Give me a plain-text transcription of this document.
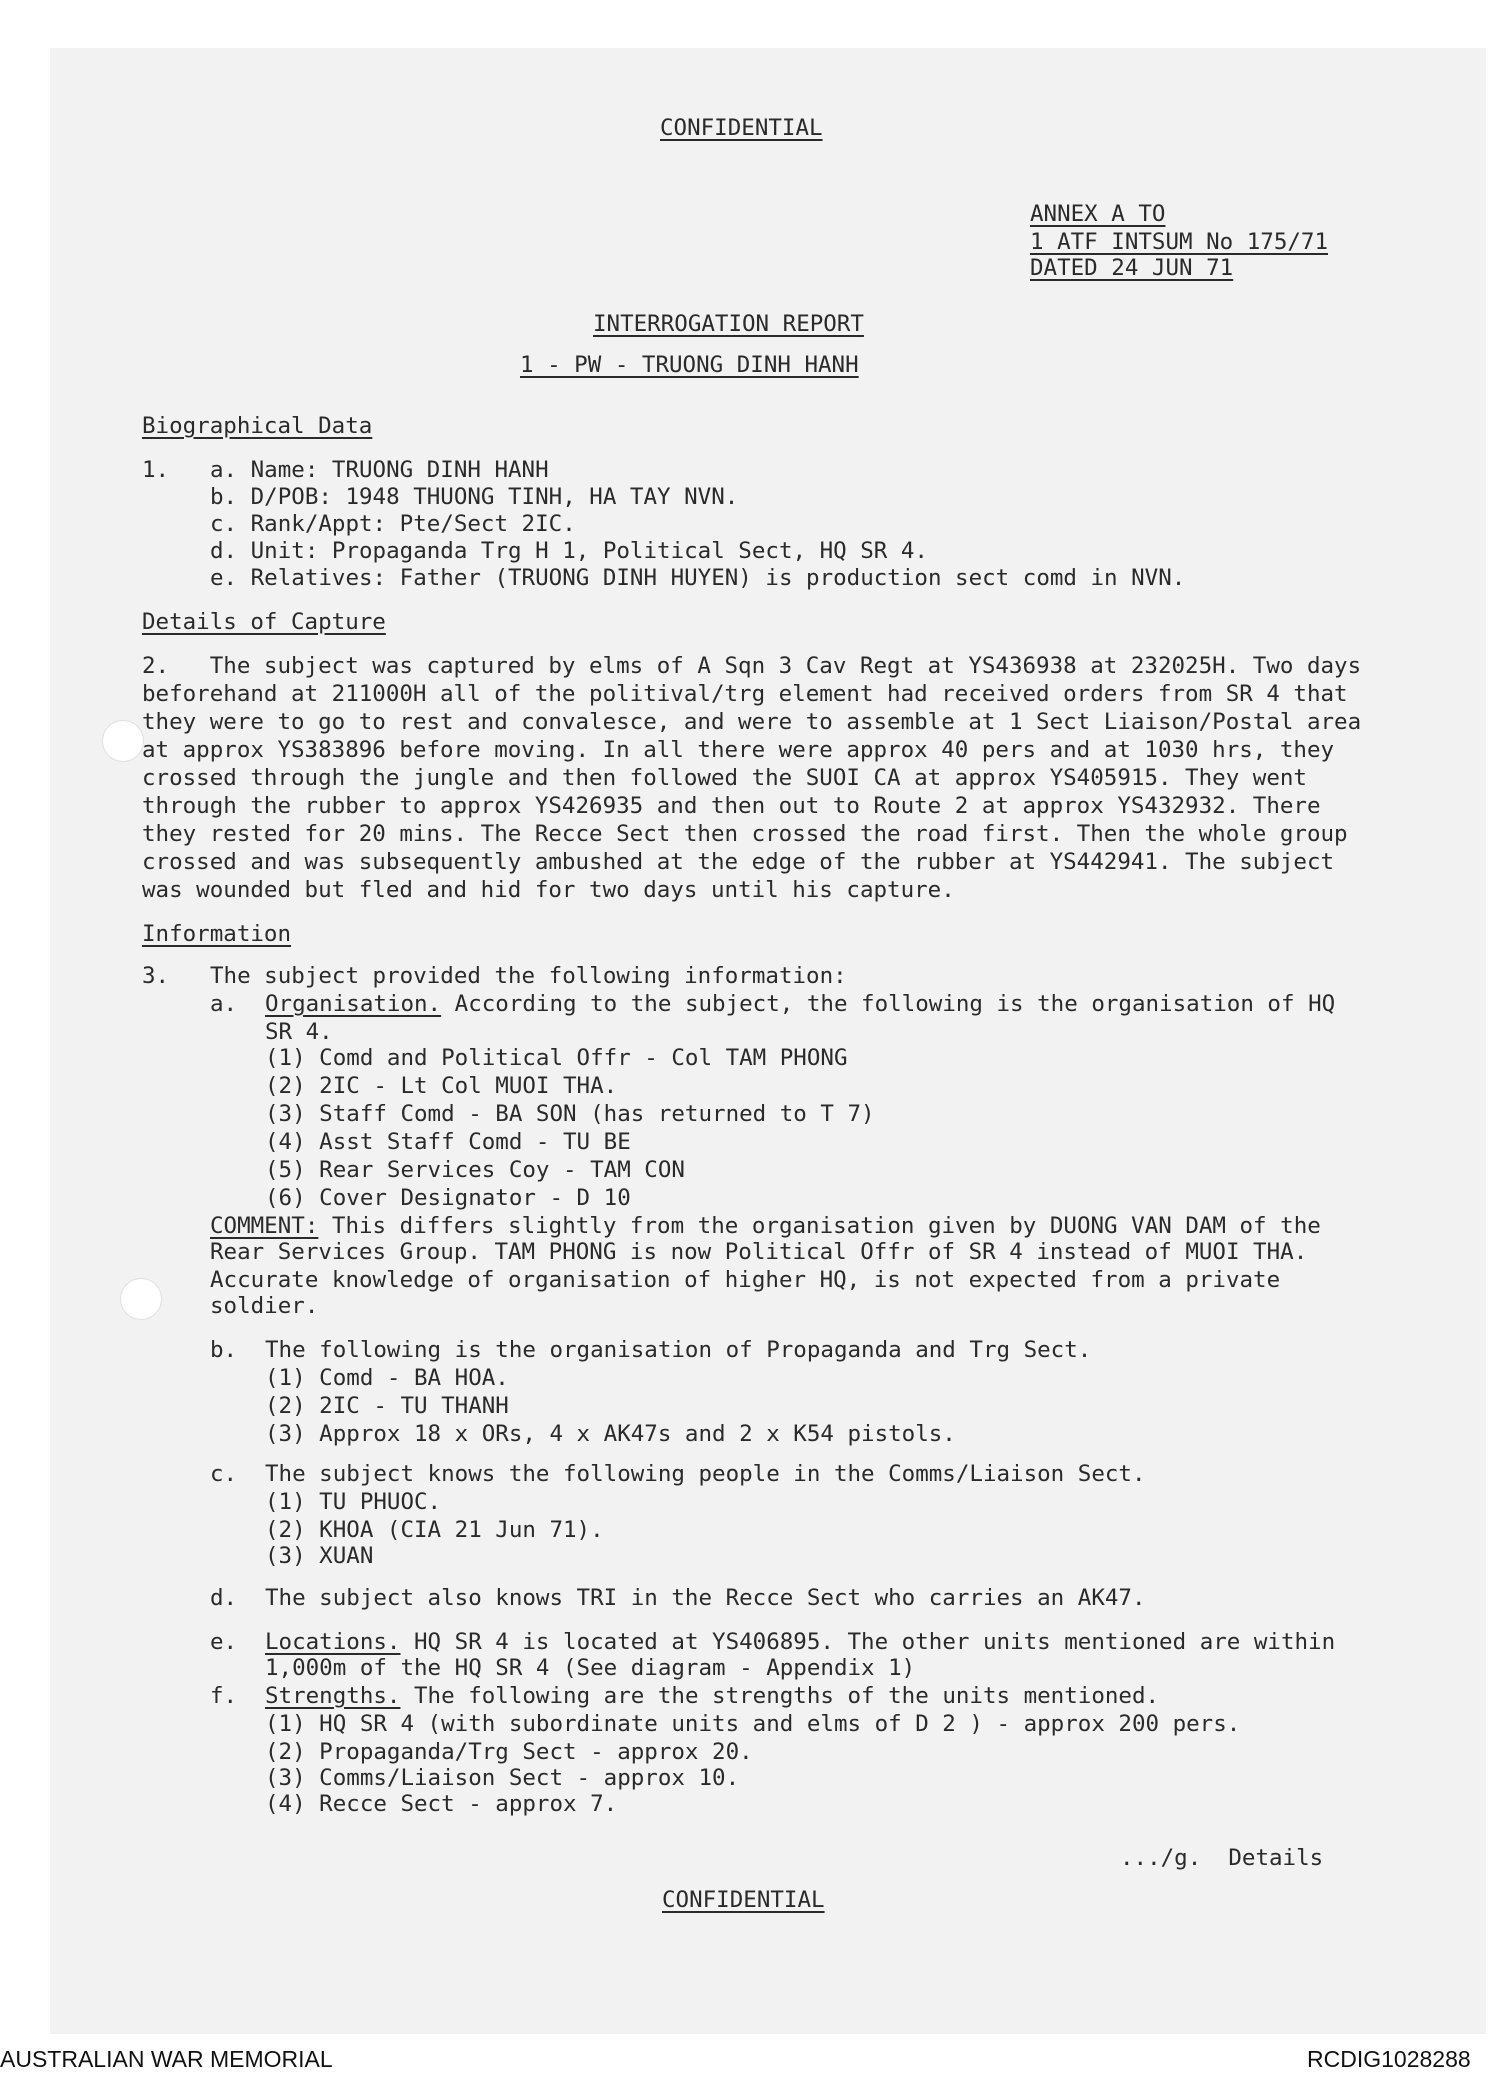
CONFIDENTIAL
ANNEX A TO
1 ATF INTSUM No 175/71
DATED 24 JUN 71
INTERROGATION REPORT
1 - PW - TRUONG DINH HANH
Biographical Data
1. a. Name: TRUONG DINH HANH
b. D/POB: 1948 THUONG TINH, HA TAY NVN.
c. Rank/Appt: Pte/Sect 2IC.
d. Unit: Propaganda Trg H 1, Political Sect, HQ SR 4.
e. Relatives: Father (TRUONG DINH HUYEN) is production sect comd in NVN.
Details of Capture
2.   The subject was captured by elms of A Sqn 3 Cav Regt at YS436938 at 232025H. Two days
beforehand at 211000H all of the politival/trg element had received orders from SR 4 that
they were to go to rest and convalesce, and were to assemble at 1 Sect Liaison/Postal area
at approx YS383896 before moving. In all there were approx 40 pers and at 1030 hrs, they
crossed through the jungle and then followed the SUOI CA at approx YS405915. They went
through the rubber to approx YS426935 and then out to Route 2 at approx YS432932. There
they rested for 20 mins. The Recce Sect then crossed the road first. Then the whole group
crossed and was subsequently ambushed at the edge of the rubber at YS442941. The subject
was wounded but fled and hid for two days until his capture.
Information
3. The subject provided the following information:
a. Organisation. According to the subject, the following is the organisation of HQ
SR 4.
(1) Comd and Political Offr - Col TAM PHONG
(2) 2IC - Lt Col MUOI THA.
(3) Staff Comd - BA SON (has returned to T 7)
(4) Asst Staff Comd - TU BE
(5) Rear Services Coy - TAM CON
(6) Cover Designator - D 10
COMMENT: This differs slightly from the organisation given by DUONG VAN DAM of the
Rear Services Group. TAM PHONG is now Political Offr of SR 4 instead of MUOI THA.
Accurate knowledge of organisation of higher HQ, is not expected from a private
soldier.
b. The following is the organisation of Propaganda and Trg Sect.
(1) Comd - BA HOA.
(2) 2IC - TU THANH
(3) Approx 18 x ORs, 4 x AK47s and 2 x K54 pistols.
c. The subject knows the following people in the Comms/Liaison Sect.
(1) TU PHUOC.
(2) KHOA (CIA 21 Jun 71).
(3) XUAN
d. The subject also knows TRI in the Recce Sect who carries an AK47.
e. Locations. HQ SR 4 is located at YS406895. The other units mentioned are within
1,000m of the HQ SR 4 (See diagram - Appendix 1)
f. Strengths. The following are the strengths of the units mentioned.
(1) HQ SR 4 (with subordinate units and elms of D 2 ) - approx 200 pers.
(2) Propaganda/Trg Sect - approx 20.
(3) Comms/Liaison Sect - approx 10.
(4) Recce Sect - approx 7.
.../g.  Details
CONFIDENTIAL
AUSTRALIAN WAR MEMORIAL	RCDIG1028288
